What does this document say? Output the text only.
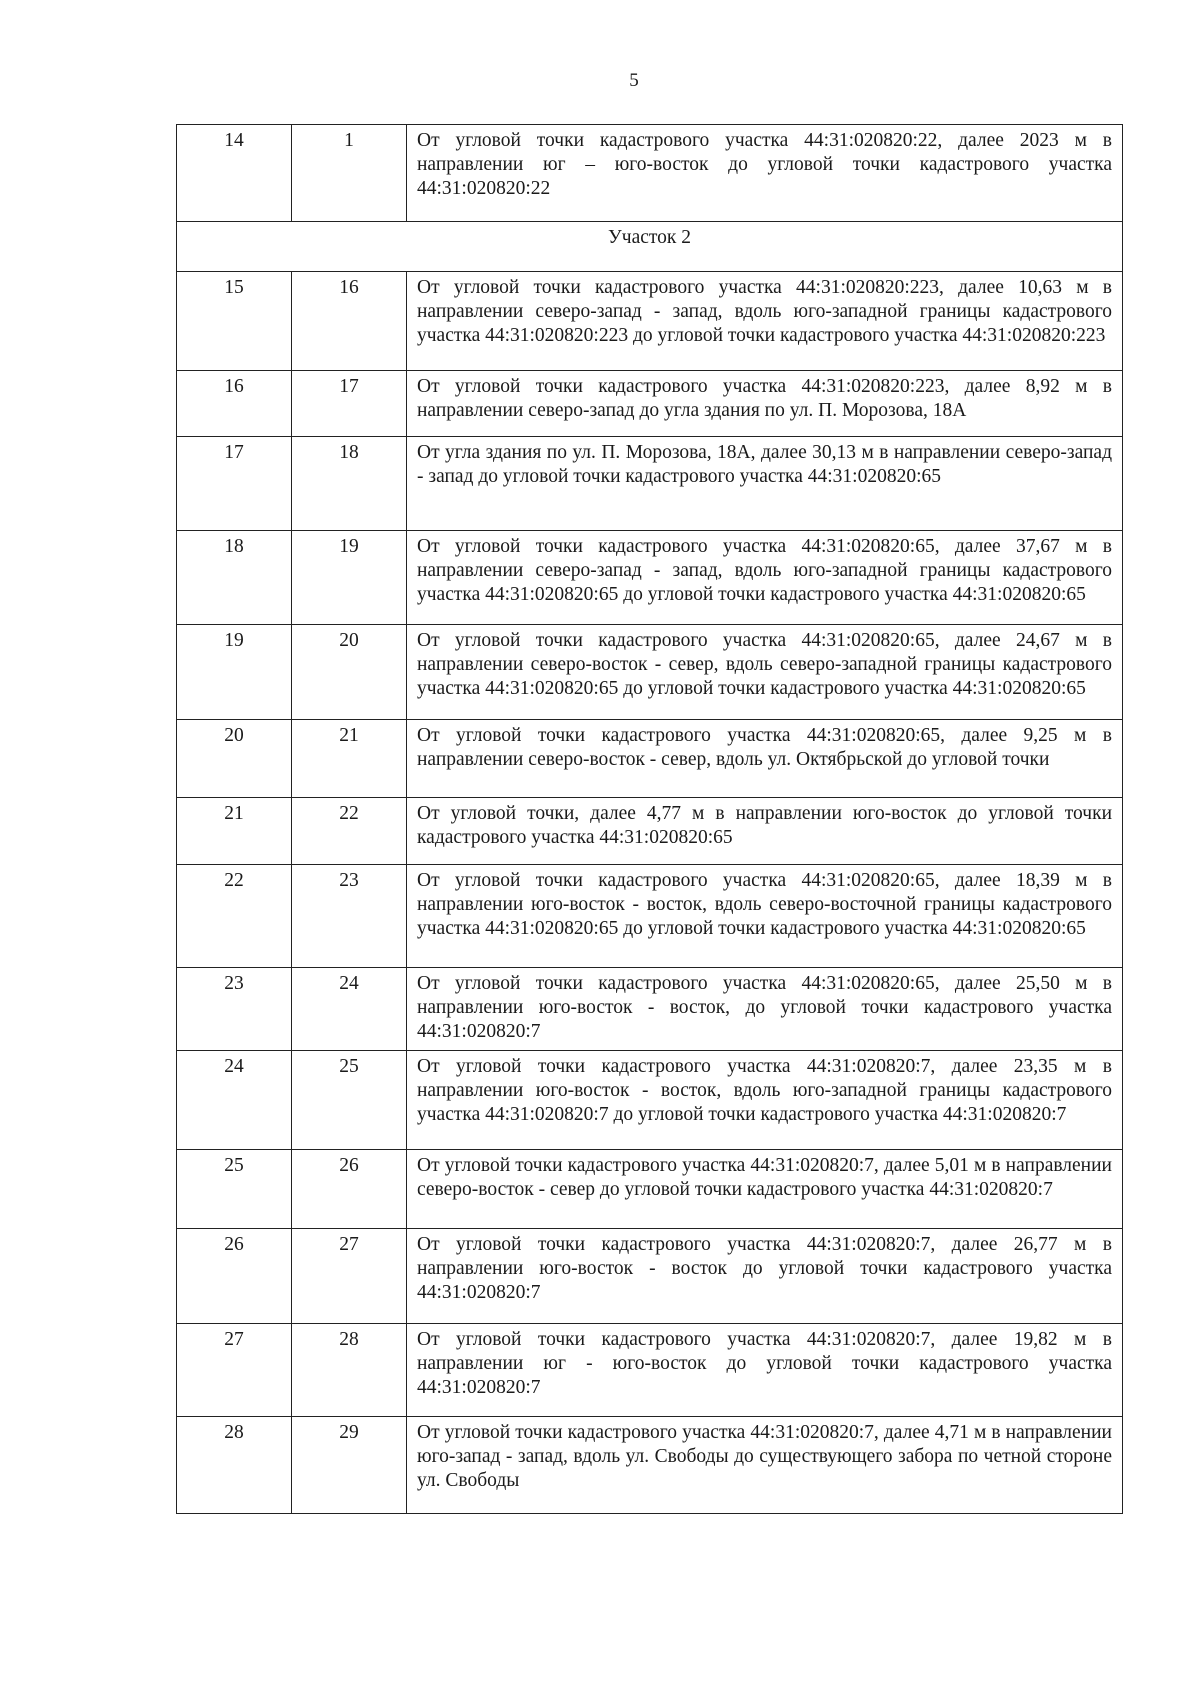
5
14	1	От угловой точки кадастрового участка 44:31:020820:22, далее 2023 м в направлении юг – юго-восток до угловой точки кадастрового участка 44:31:020820:22
Участок 2		
15	16	От угловой точки кадастрового участка 44:31:020820:223, далее 10,63 м в направлении северо-запад - запад, вдоль юго-западной границы кадастрового участка 44:31:020820:223 до угловой точки кадастрового участка 44:31:020820:223
16	17	От угловой точки кадастрового участка 44:31:020820:223, далее 8,92 м в направлении северо-запад до угла здания по ул. П. Морозова, 18А
17	18	От угла здания по ул. П. Морозова, 18А, далее 30,13 м в направлении северо-запад - запад до угловой точки кадастрового участка 44:31:020820:65
18	19	От угловой точки кадастрового участка 44:31:020820:65, далее 37,67 м в направлении северо-запад - запад, вдоль юго-западной границы кадастрового участка 44:31:020820:65 до угловой точки кадастрового участка 44:31:020820:65
19	20	От угловой точки кадастрового участка 44:31:020820:65, далее 24,67 м в направлении северо-восток - север, вдоль северо-западной границы кадастрового участка 44:31:020820:65 до угловой точки кадастрового участка 44:31:020820:65
20	21	От угловой точки кадастрового участка 44:31:020820:65, далее 9,25 м в направлении северо-восток - север, вдоль ул. Октябрьской до угловой точки
21	22	От угловой точки, далее 4,77 м в направлении юго-восток до угловой точки кадастрового участка 44:31:020820:65
22	23	От угловой точки кадастрового участка 44:31:020820:65, далее 18,39 м в направлении юго-восток - восток, вдоль северо-восточной границы кадастрового участка 44:31:020820:65 до угловой точки кадастрового участка 44:31:020820:65
23	24	От угловой точки кадастрового участка 44:31:020820:65, далее 25,50 м в направлении юго-восток - восток, до угловой точки кадастрового участка 44:31:020820:7
24	25	От угловой точки кадастрового участка 44:31:020820:7, далее 23,35 м в направлении юго-восток - восток, вдоль юго-западной границы кадастрового участка 44:31:020820:7 до угловой точки кадастрового участка 44:31:020820:7
25	26	От угловой точки кадастрового участка 44:31:020820:7, далее 5,01 м в направлении северо-восток - север до угловой точки кадастрового участка 44:31:020820:7
26	27	От угловой точки кадастрового участка 44:31:020820:7, далее 26,77 м в направлении юго-восток - восток до угловой точки кадастрового участка 44:31:020820:7
27	28	От угловой точки кадастрового участка 44:31:020820:7, далее 19,82 м в направлении юг - юго-восток до угловой точки кадастрового участка 44:31:020820:7
28	29	От угловой точки кадастрового участка 44:31:020820:7, далее 4,71 м в направлении юго-запад - запад, вдоль ул. Свободы до существующего забора по четной стороне ул. Свободы
